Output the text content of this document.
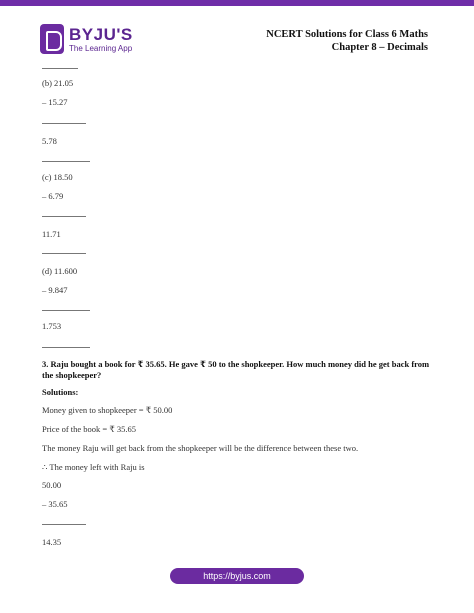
BYJU'S
The Learning App
NCERT Solutions for Class 6 Maths Chapter 8 – Decimals
(b) 21.05
– 15.27
5.78
(c) 18.50
– 6.79
11.71
(d) 11.600
– 9.847
1.753
3. Raju bought a book for ₹ 35.65. He gave ₹ 50 to the shopkeeper. How much money did he get back from the shopkeeper?
Solutions:
Money given to shopkeeper = ₹ 50.00
Price of the book = ₹ 35.65
The money Raju will get back from the shopkeeper will be the difference between these two.
∴ The money left with Raju is
50.00
– 35.65
14.35
https://byjus.com
